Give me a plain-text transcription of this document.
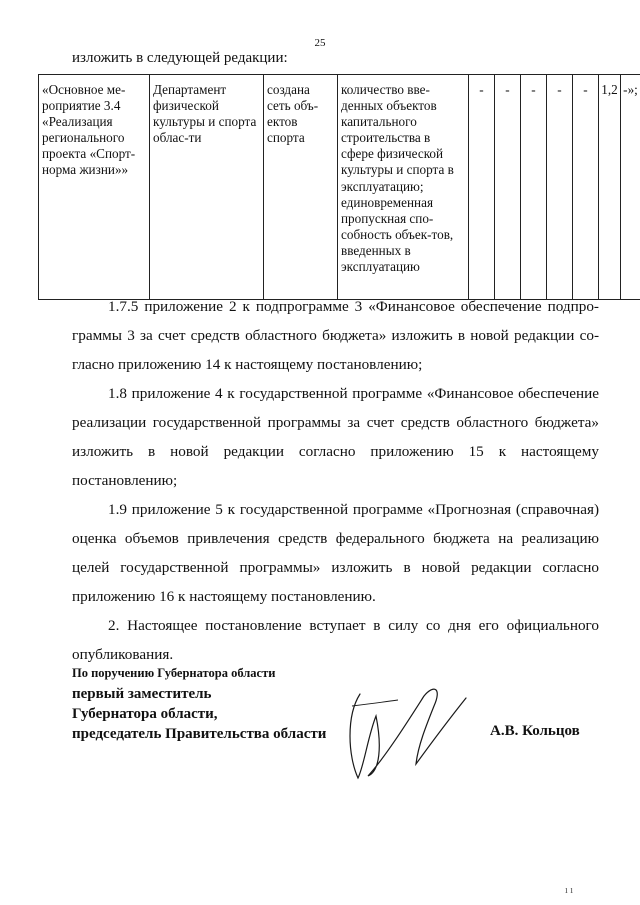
25
изложить в следующей редакции:
«Основное ме-роприятие 3.4 «Реализация регионального проекта «Спорт-норма жизни»»	Департамент физической культуры и спорта облас-ти	создана сеть объ-ектов спорта	количество вве-денных объектов капитального строительства в сфере физической культуры и спорта в эксплуатацию; единовременная пропускная спо-собность объек-тов, введенных в эксплуатацию	-	-	-	-	-	1,2	-»;

1.7.5 приложение 2 к подпрограмме 3 «Финансовое обеспечение подпро-граммы 3 за счет средств областного бюджета» изложить в новой редакции со-гласно приложению 14 к настоящему постановлению;

1.8 приложение 4 к государственной программе «Финансовое обеспечение реализации государственной программы за счет средств областного бюджета» изложить в новой редакции согласно приложению 15 к настоящему постановлению;

1.9 приложение 5 к государственной программе «Прогнозная (справочная) оценка объемов привлечения средств федерального бюджета на реализацию целей государственной программы» изложить в новой редакции согласно приложению 16 к настоящему постановлению.

2. Настоящее постановление вступает в силу со дня его официального опубликования.

По поручению Губернатора области
первый заместитель
Губернатора области,
председатель Правительства области	А.В. Кольцов
ı ı
